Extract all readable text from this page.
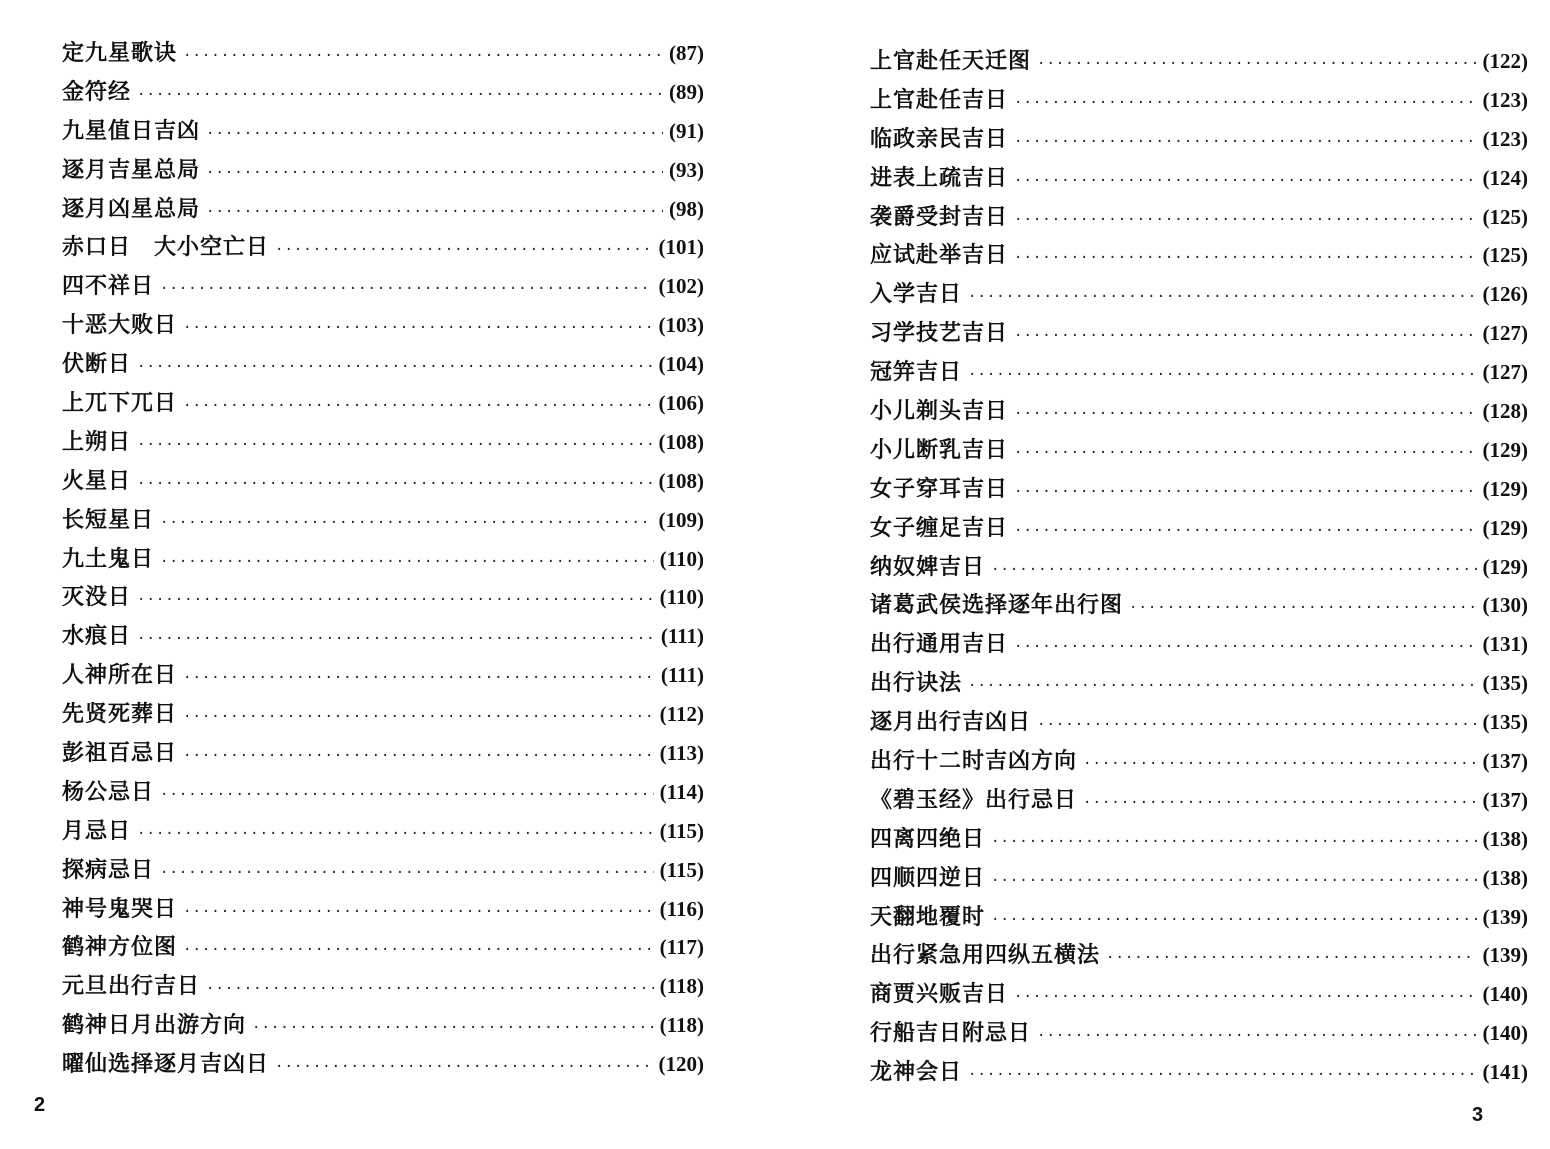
定九星歌诀 ·····	(87)
金符经 ·····	(89)
九星值日吉凶 ·····	(91)
逐月吉星总局 ·····	(93)
逐月凶星总局 ·····	(98)
赤口日　大小空亡日 ·····	(101)
四不祥日 ·····	(102)
十恶大败日 ·····	(103)
伏断日 ·····	(104)
上兀下兀日 ·····	(106)
上朔日 ·····	(108)
火星日 ·····	(108)
长短星日 ·····	(109)
九土鬼日 ·····	(110)
灭没日 ·····	(110)
水痕日 ·····	(111)
人神所在日 ·····	(111)
先贤死葬日 ·····	(112)
彭祖百忌日 ·····	(113)
杨公忌日 ·····	(114)
月忌日 ·····	(115)
探病忌日 ·····	(115)
神号鬼哭日 ·····	(116)
鹤神方位图 ·····	(117)
元旦出行吉日 ·····	(118)
鹤神日月出游方向 ·····	(118)
曜仙选择逐月吉凶日 ·····	(120)
2
上官赴任天迁图 ·····	(122)
上官赴任吉日 ·····	(123)
临政亲民吉日 ·····	(123)
进表上疏吉日 ·····	(124)
袭爵受封吉日 ·····	(125)
应试赴举吉日 ·····	(125)
入学吉日 ·····	(126)
习学技艺吉日 ·····	(127)
冠笄吉日 ·····	(127)
小儿剃头吉日 ·····	(128)
小儿断乳吉日 ·····	(129)
女子穿耳吉日 ·····	(129)
女子缠足吉日 ·····	(129)
纳奴婢吉日 ·····	(129)
诸葛武侯选择逐年出行图 ·····	(130)
出行通用吉日 ·····	(131)
出行诀法 ·····	(135)
逐月出行吉凶日 ·····	(135)
出行十二时吉凶方向 ·····	(137)
《碧玉经》出行忌日 ·····	(137)
四离四绝日 ·····	(138)
四顺四逆日 ·····	(138)
天翻地覆时 ·····	(139)
出行紧急用四纵五横法 ·····	(139)
商贾兴贩吉日 ·····	(140)
行船吉日附忌日 ·····	(140)
龙神会日 ·····	(141)
3
